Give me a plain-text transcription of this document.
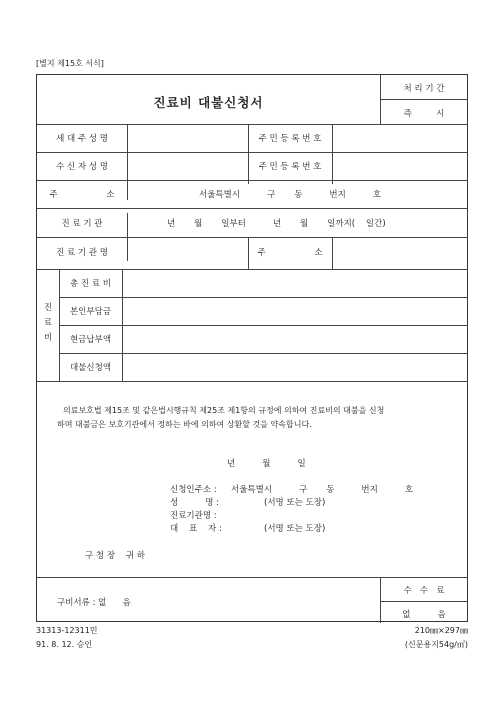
[별지 제15호 서식]
진료비 대불신청서
처 리 기 간
즉         시
세 대 주 성 명	주 민 등 록 번 호
수 신 자 성 명	주 민 등 록 번 호
주                  소	서울특별시          구       동          번지          호
진 료 기 관	년       월       일부터          년       월       일까지(    일간)
진 료 기 관 명	주                  소
진
료
비
총 진 료 비
본인부담금
현금납부액
대불신청액
의료보호법 제15조 및 같은법시행규칙 제25조 제1항의 규정에 의하여 진료비의 대불을 신청
하며 대불금은 보호기관에서 정하는 바에 의하여 상환할 것을 약속합니다.
년          월          일
신청인주소 : 서울특별시          구       동          번지          호
성          명 :	(서명 또는 도장)
진료기관명 :
대    표    자 :	(서명 또는 도장)
구 청 장    귀 하
구비서류 : 없      음
수   수   료
없          음
31313-12311민
91. 8. 12. 승인
210㎜×297㎜
(신문용지54g/㎡)
